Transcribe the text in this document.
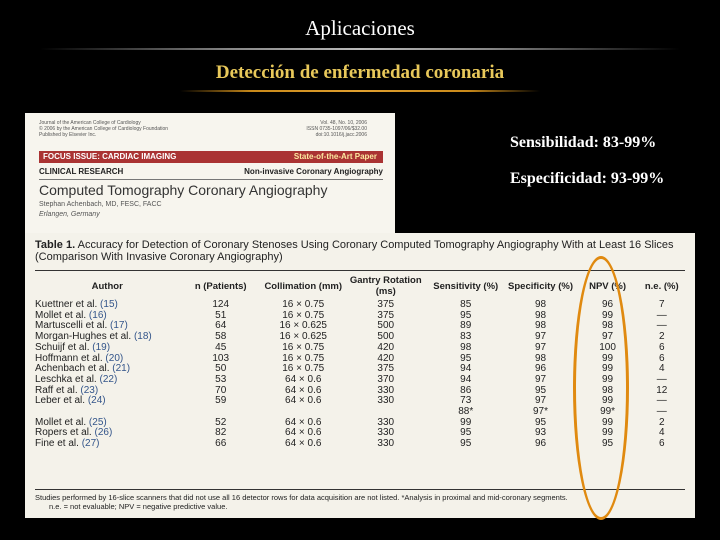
Aplicaciones
Detección de enfermedad coronaria
Journal of the American College of Cardiology
© 2006 by the American College of Cardiology Foundation
Published by Elsevier Inc.
Vol. 48, No. 10, 2006
ISSN 0735-1097/06/$32.00
doi:10.1016/j.jacc.2006
FOCUS ISSUE: CARDIAC IMAGING	State-of-the-Art Paper
CLINICAL RESEARCH	Non-invasive Coronary Angiography
Computed Tomography Coronary Angiography
Stephan Achenbach, MD, FESC, FACC
Erlangen, Germany
Sensibilidad: 83-99%
Especificidad: 93-99%
Table 1. Accuracy for Detection of Coronary Stenoses Using Coronary Computed Tomography Angiography With at Least 16 Slices (Comparison With Invasive Coronary Angiography)
Author	n (Patients)	Collimation (mm)	Gantry Rotation (ms)	Sensitivity (%)	Specificity (%)	NPV (%)	n.e. (%)
Kuettner et al. (15)	124	16 × 0.75	375	85	98	96	7
Mollet et al. (16)	51	16 × 0.75	375	95	98	99	—
Martuscelli et al. (17)	64	16 × 0.625	500	89	98	98	—
Morgan-Hughes et al. (18)	58	16 × 0.625	500	83	97	97	2
Schuijf et al. (19)	45	16 × 0.75	420	98	97	100	6
Hoffmann et al. (20)	103	16 × 0.75	420	95	98	99	6
Achenbach et al. (21)	50	16 × 0.75	375	94	96	99	4
Leschka et al. (22)	53	64 × 0.6	370	94	97	99	—
Raff et al. (23)	70	64 × 0.6	330	86	95	98	12
Leber et al. (24)	59	64 × 0.6	330	73	97	99	—
				88*	97*	99*	—
Mollet et al. (25)	52	64 × 0.6	330	99	95	99	2
Ropers et al. (26)	82	64 × 0.6	330	95	93	99	4
Fine et al. (27)	66	64 × 0.6	330	95	96	95	6
Studies performed by 16-slice scanners that did not use all 16 detector rows for data acquisition are not listed. *Analysis in proximal and mid-coronary segments.
n.e. = not evaluable; NPV = negative predictive value.
